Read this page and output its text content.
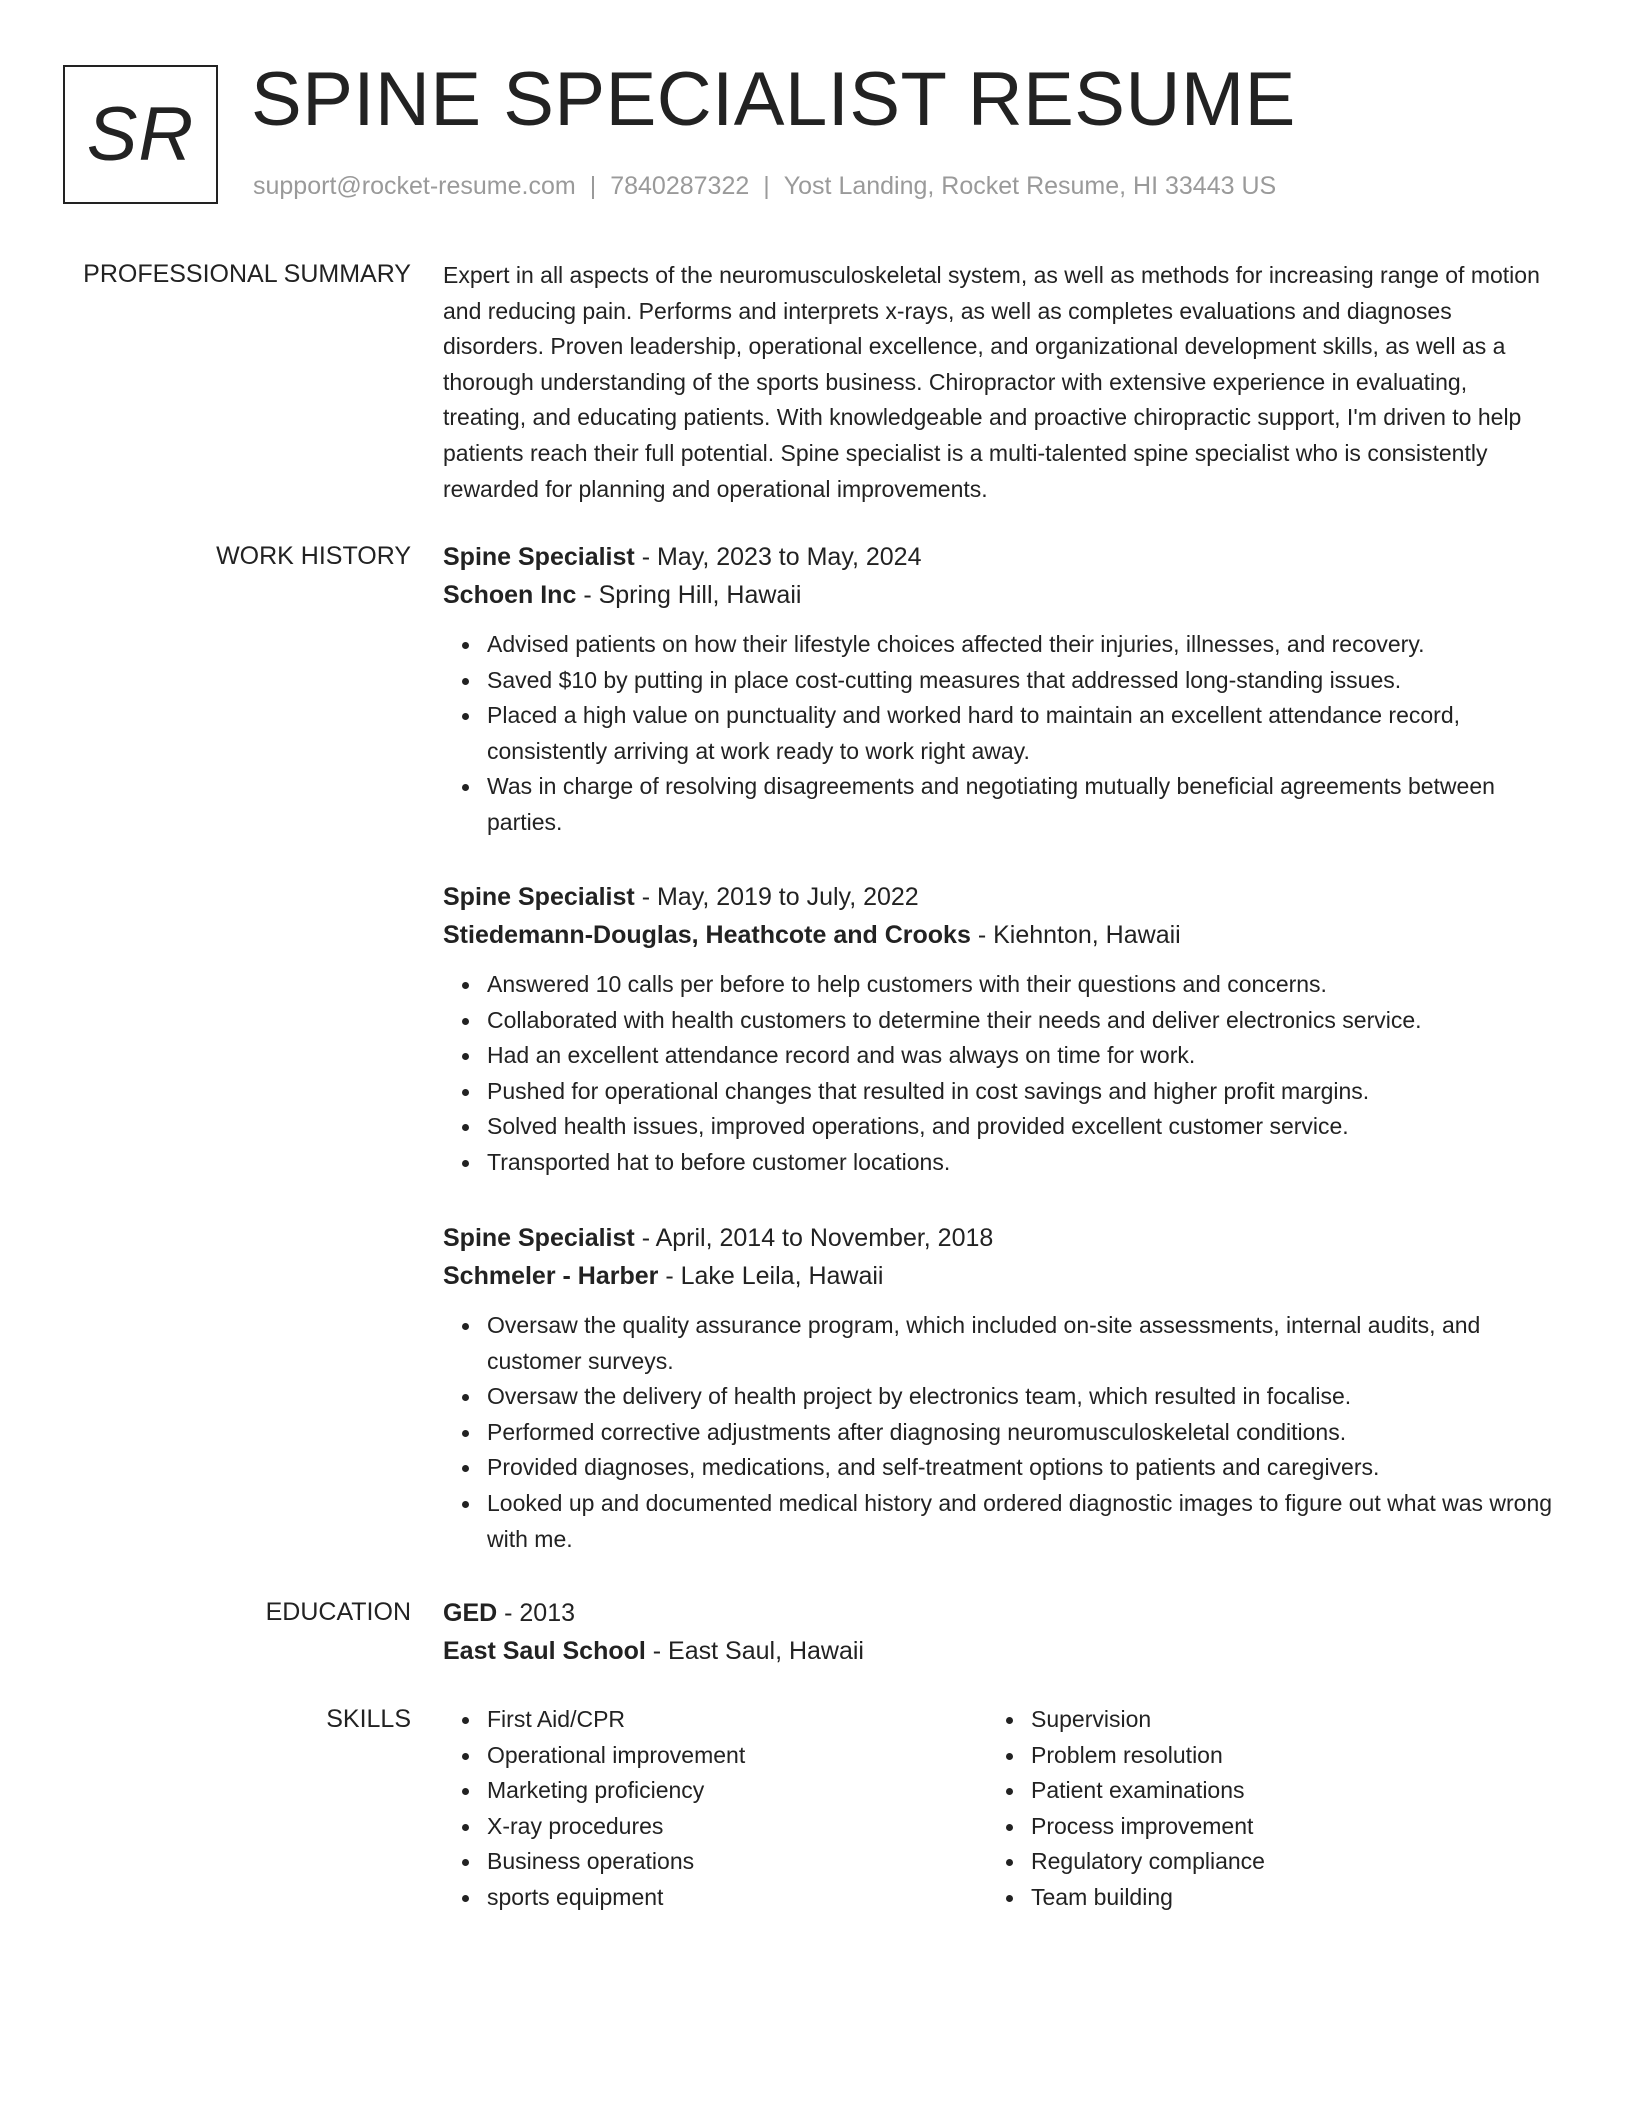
SR SPINE SPECIALIST RESUME
support@rocket-resume.com | 7840287322 | Yost Landing, Rocket Resume, HI 33443 US
PROFESSIONAL SUMMARY Expert in all aspects of the neuromusculoskeletal system, as well as methods for increasing range of motion and reducing pain. Performs and interprets x-rays, as well as completes evaluations and diagnoses disorders. Proven leadership, operational excellence, and organizational development skills, as well as a thorough understanding of the sports business. Chiropractor with extensive experience in evaluating, treating, and educating patients. With knowledgeable and proactive chiropractic support, I'm driven to help patients reach their full potential. Spine specialist is a multi-talented spine specialist who is consistently rewarded for planning and operational improvements.

WORK HISTORY Spine Specialist - May, 2023 to May, 2024
Schoen Inc - Spring Hill, Hawaii
Advised patients on how their lifestyle choices affected their injuries, illnesses, and recovery.
Saved $10 by putting in place cost-cutting measures that addressed long-standing issues.
Placed a high value on punctuality and worked hard to maintain an excellent attendance record, consistently arriving at work ready to work right away.
Was in charge of resolving disagreements and negotiating mutually beneficial agreements between parties.
Spine Specialist - May, 2019 to July, 2022
Stiedemann-Douglas, Heathcote and Crooks - Kiehnton, Hawaii
Answered 10 calls per before to help customers with their questions and concerns.
Collaborated with health customers to determine their needs and deliver electronics service.
Had an excellent attendance record and was always on time for work.
Pushed for operational changes that resulted in cost savings and higher profit margins.
Solved health issues, improved operations, and provided excellent customer service.
Transported hat to before customer locations.
Spine Specialist - April, 2014 to November, 2018
Schmeler - Harber - Lake Leila, Hawaii
Oversaw the quality assurance program, which included on-site assessments, internal audits, and customer surveys.
Oversaw the delivery of health project by electronics team, which resulted in focalise.
Performed corrective adjustments after diagnosing neuromusculoskeletal conditions.
Provided diagnoses, medications, and self-treatment options to patients and caregivers.
Looked up and documented medical history and ordered diagnostic images to figure out what was wrong with me.
EDUCATION GED - 2013
East Saul School - East Saul, Hawaii
SKILLS	First Aid/CPR
Operational improvement
Marketing proficiency
X-ray procedures
Business operations
sports equipment
Supervision
Problem resolution
Patient examinations
Process improvement
Regulatory compliance
Team building
